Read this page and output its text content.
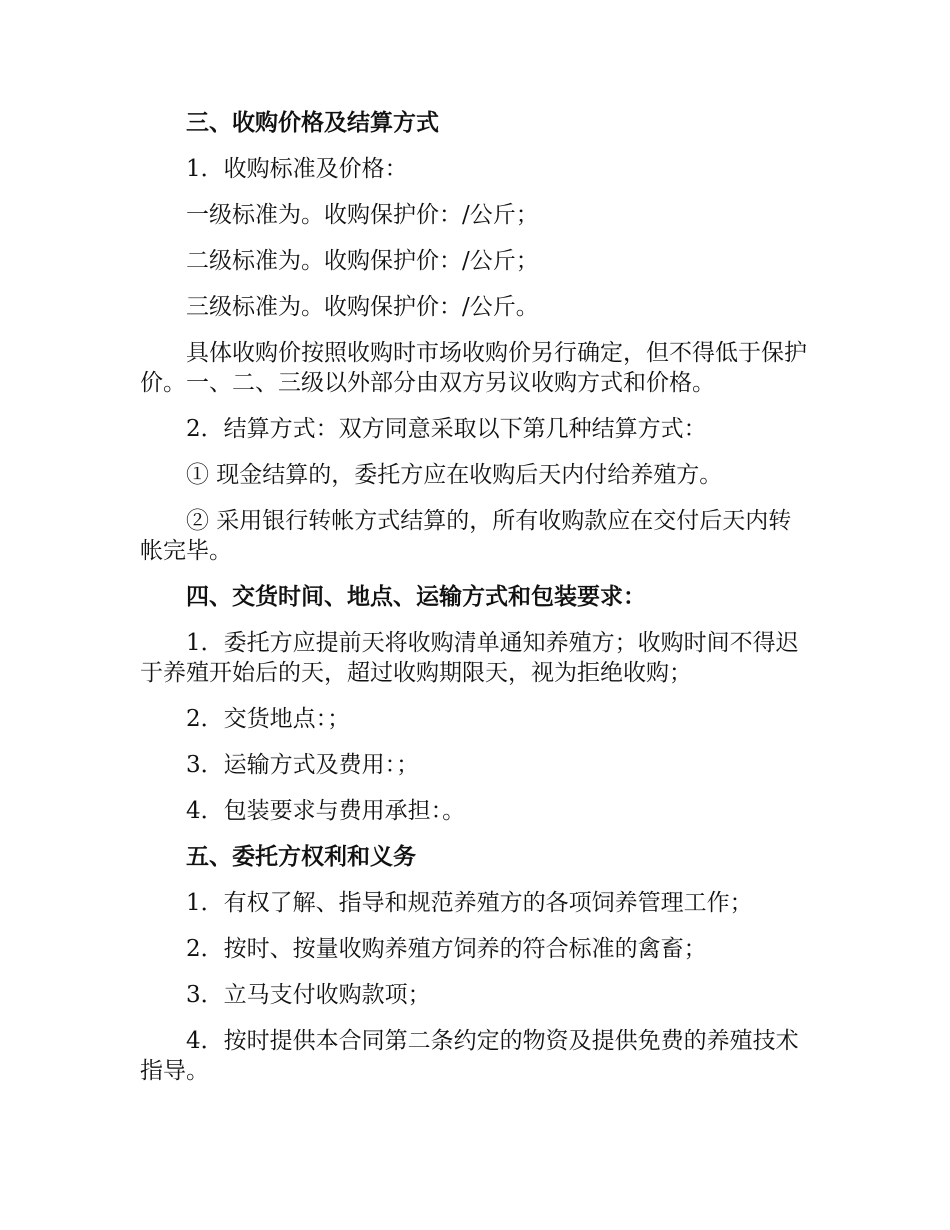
三、收购价格及结算方式

1．收购标准及价格：

一级标准为。收购保护价：/公斤；

二级标准为。收购保护价：/公斤；

三级标准为。收购保护价：/公斤。

具体收购价按照收购时市场收购价另行确定，但不得低于保护价。一、二、三级以外部分由双方另议收购方式和价格。

2．结算方式：双方同意采取以下第几种结算方式：

① 现金结算的，委托方应在收购后天内付给养殖方。

② 采用银行转帐方式结算的，所有收购款应在交付后天内转帐完毕。

四、交货时间、地点、运输方式和包装要求：

1．委托方应提前天将收购清单通知养殖方；收购时间不得迟于养殖开始后的天，超过收购期限天，视为拒绝收购；

2．交货地点：；

3．运输方式及费用：；

4．包装要求与费用承担：。

五、委托方权利和义务

1．有权了解、指导和规范养殖方的各项饲养管理工作；

2．按时、按量收购养殖方饲养的符合标准的禽畜；

3．立马支付收购款项；

4．按时提供本合同第二条约定的物资及提供免费的养殖技术指导。
